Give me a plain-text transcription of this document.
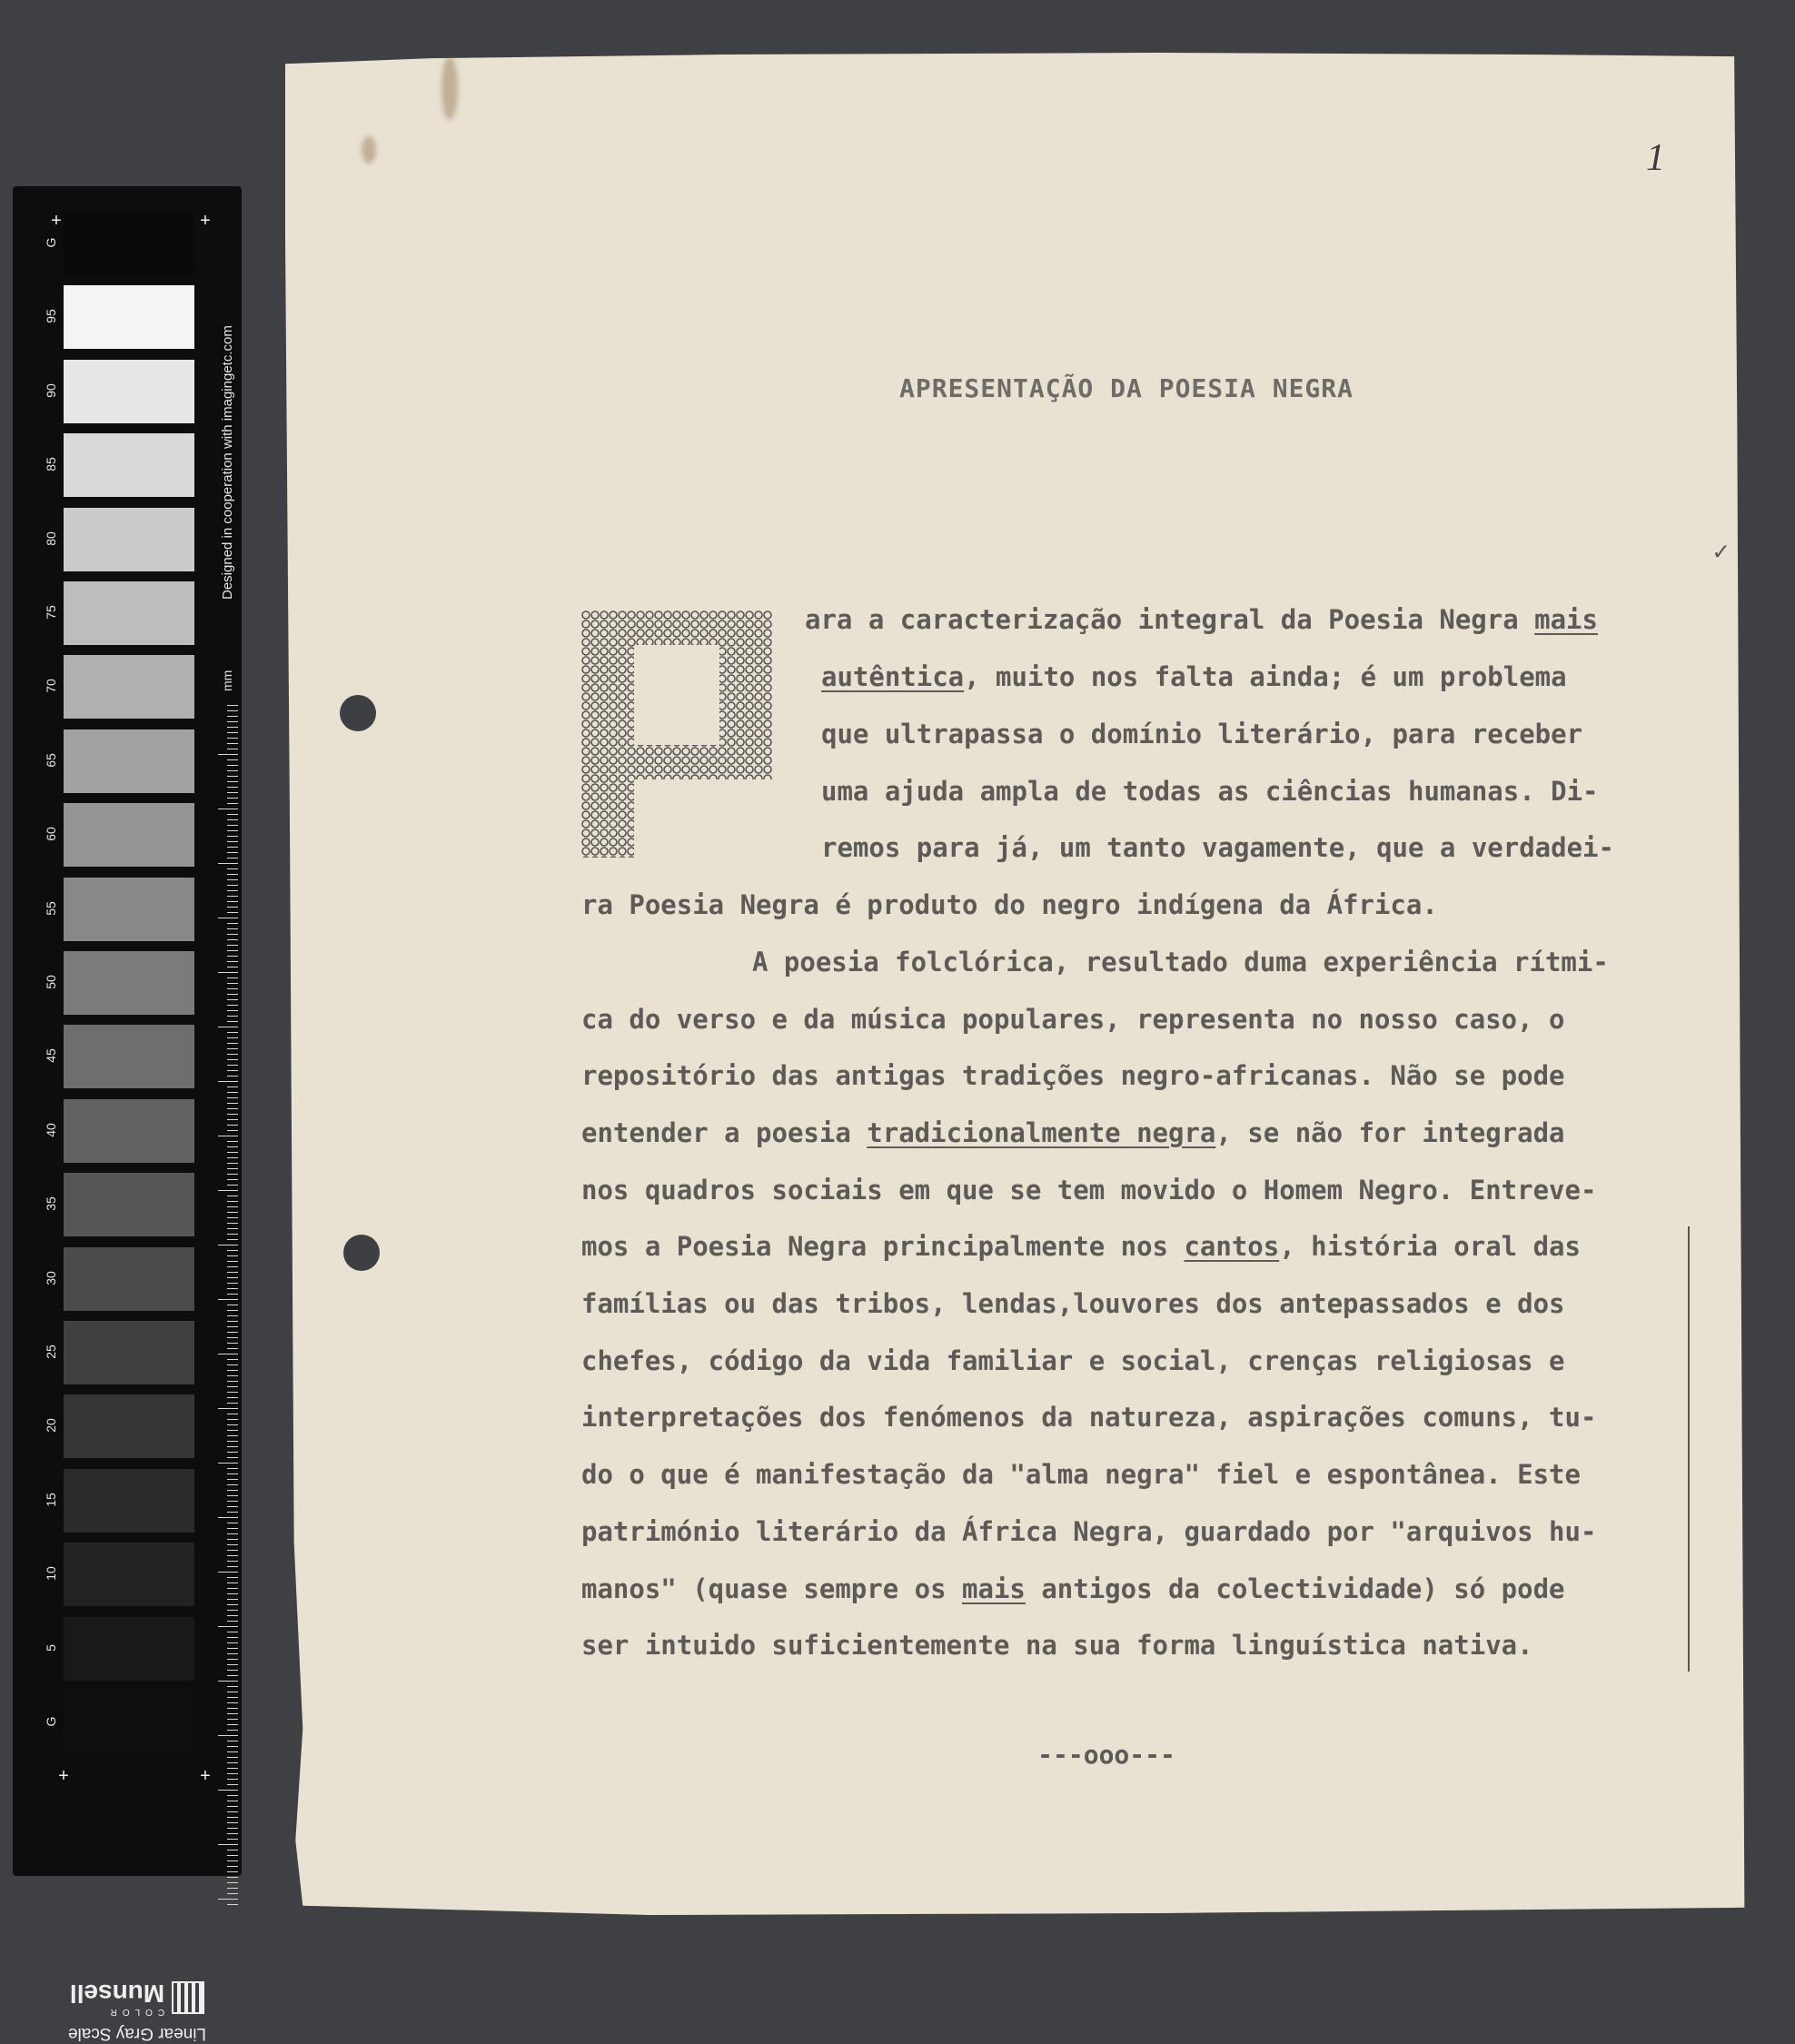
G
95
90
85
80
75
70
65
60
55
50
45
40
35
30
25
20
15
10
5
G
+	+
+	+
Designed in cooperation with imagingetc.com
mm
Linear Gray Scale
COLOR
Munsell
1
✓
APRESENTAÇÃO DA POESIA NEGRA
ara a caracterização integral da Poesia Negra mais
autêntica, muito nos falta ainda; é um problema
que ultrapassa o domínio literário, para receber
uma ajuda ampla de todas as ciências humanas. Di-
remos para já, um tanto vagamente, que a verdadei-
ra Poesia Negra é produto do negro indígena da África.
A poesia folclórica, resultado duma experiência rítmi-
ca do verso e da música populares, representa no nosso caso, o
repositório das antigas tradições negro-africanas. Não se pode
entender a poesia tradicionalmente negra, se não for integrada
nos quadros sociais em que se tem movido o Homem Negro. Entreve-
mos a Poesia Negra principalmente nos cantos, história oral das
famílias ou das tribos, lendas,louvores dos antepassados e dos
chefes, código da vida familiar e social, crenças religiosas e
interpretações dos fenómenos da natureza, aspirações comuns, tu-
do o que é manifestação da "alma negra" fiel e espontânea. Este
património literário da África Negra, guardado por "arquivos hu-
manos" (quase sempre os mais antigos da colectividade) só pode
ser intuido suficientemente na sua forma linguística nativa.
---ooo---
